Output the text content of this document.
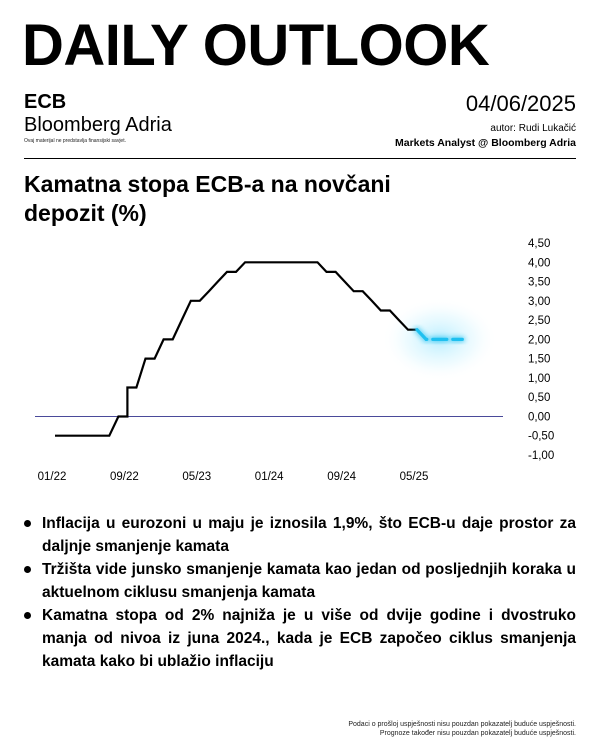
DAILY OUTLOOK
ECB
Bloomberg Adria
Ovaj materijal ne predstavlja finansijski savjet.
04/06/2025
autor: Rudi Lukačić
Markets Analyst @ Bloomberg Adria
Kamatna stopa ECB-a na novčani depozit (%)
4,50
4,00
3,50
3,00
2,50
2,00
1,50
1,00
0,50
0,00
-0,50
-1,00
01/22	09/22	05/23	01/24	09/24	05/25
Inflacija u eurozoni u maju je iznosila 1,9%, što ECB-u daje prostor za daljnje smanjenje kamata
Tržišta vide junsko smanjenje kamata kao jedan od posljednjih koraka u aktuelnom ciklusu smanjenja kamata
Kamatna stopa od 2% najniža je u više od dvije godine i dvostruko manja od nivoa iz juna 2024., kada je ECB započeo ciklus smanjenja kamata kako bi ublažio inflaciju
Podaci o prošloj uspješnosti nisu pouzdan pokazatelj buduće uspješnosti.
Prognoze također nisu pouzdan pokazatelj buduće uspješnosti.
